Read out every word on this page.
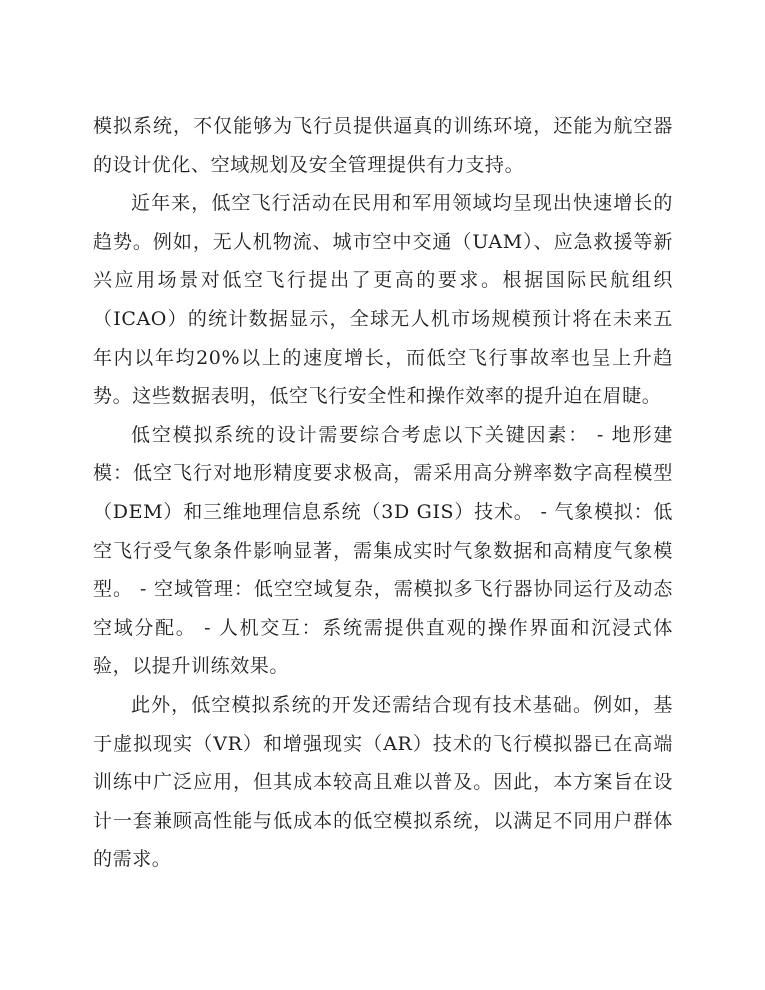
模拟系统，不仅能够为飞行员提供逼真的训练环境，还能为航空器的设计优化、空域规划及安全管理提供有力支持。

近年来，低空飞行活动在民用和军用领域均呈现出快速增长的趋势。例如，无人机物流、城市空中交通（UAM）、应急救援等新兴应用场景对低空飞行提出了更高的要求。根据国际民航组织（ICAO）的统计数据显示，全球无人机市场规模预计将在未来五年内以年均20%以上的速度增长，而低空飞行事故率也呈上升趋势。这些数据表明，低空飞行安全性和操作效率的提升迫在眉睫。

低空模拟系统的设计需要综合考虑以下关键因素： - 地形建模：低空飞行对地形精度要求极高，需采用高分辨率数字高程模型（DEM）和三维地理信息系统（3D GIS）技术。 - 气象模拟：低空飞行受气象条件影响显著，需集成实时气象数据和高精度气象模型。 - 空域管理：低空空域复杂，需模拟多飞行器协同运行及动态空域分配。 - 人机交互：系统需提供直观的操作界面和沉浸式体验，以提升训练效果。

此外，低空模拟系统的开发还需结合现有技术基础。例如，基于虚拟现实（VR）和增强现实（AR）技术的飞行模拟器已在高端训练中广泛应用，但其成本较高且难以普及。因此，本方案旨在设计一套兼顾高性能与低成本的低空模拟系统，以满足不同用户群体的需求。
